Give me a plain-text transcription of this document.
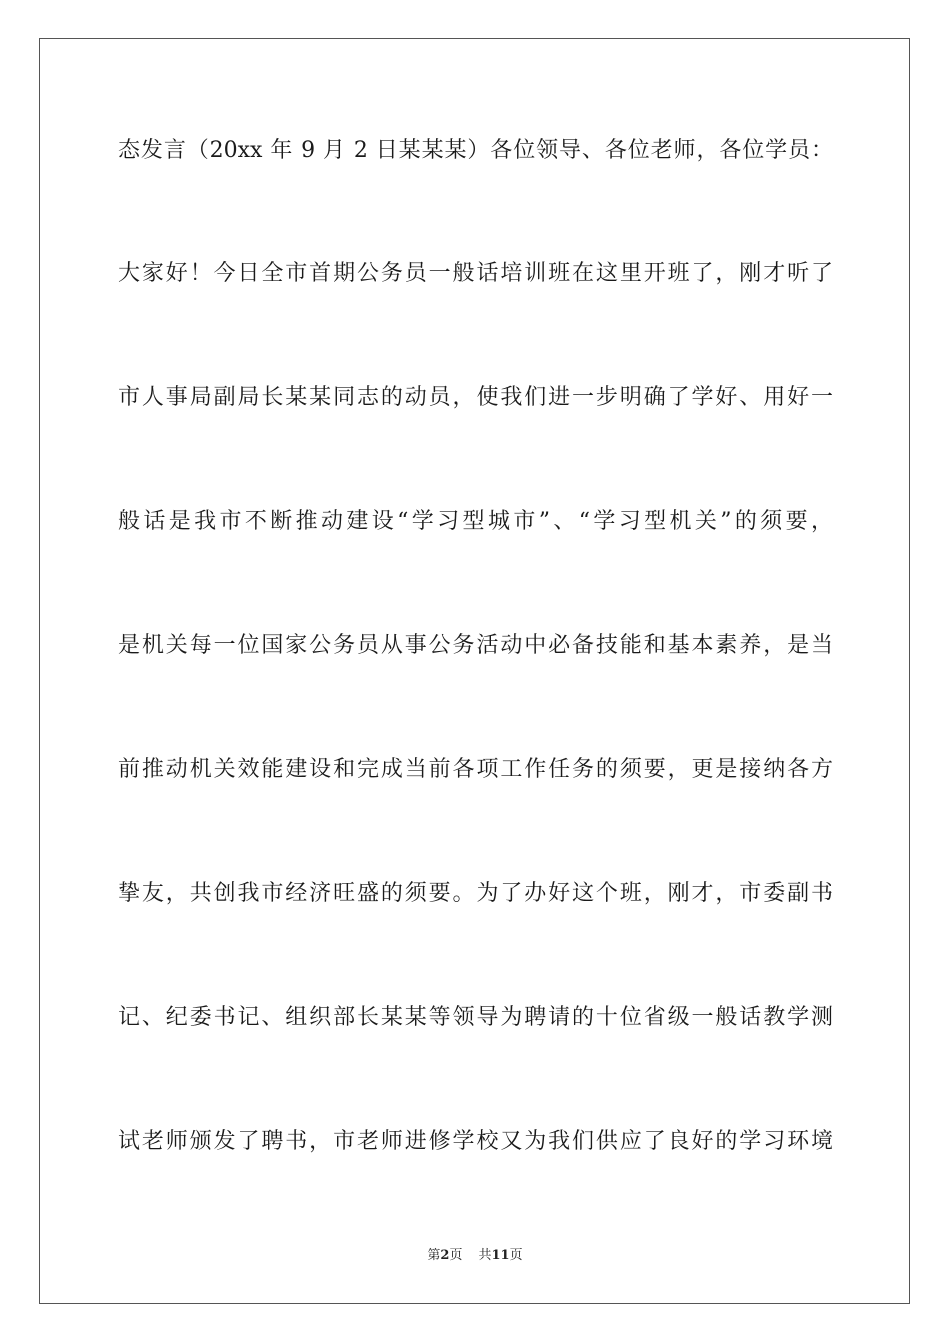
态发言（20xx 年 9 月 2 日某某某）各位领导、各位老师，各位学员：
大家好！今日全市首期公务员一般话培训班在这里开班了，刚才听了
市人事局副局长某某同志的动员，使我们进一步明确了学好、用好一
般话是我市不断推动建设“学习型城市”、“学习型机关”的须要，
是机关每一位国家公务员从事公务活动中必备技能和基本素养，是当
前推动机关效能建设和完成当前各项工作任务的须要，更是接纳各方
挚友，共创我市经济旺盛的须要。为了办好这个班，刚才，市委副书
记、纪委书记、组织部长某某等领导为聘请的十位省级一般话教学测
试老师颁发了聘书，市老师进修学校又为我们供应了良好的学习环境
第2页 共11页
